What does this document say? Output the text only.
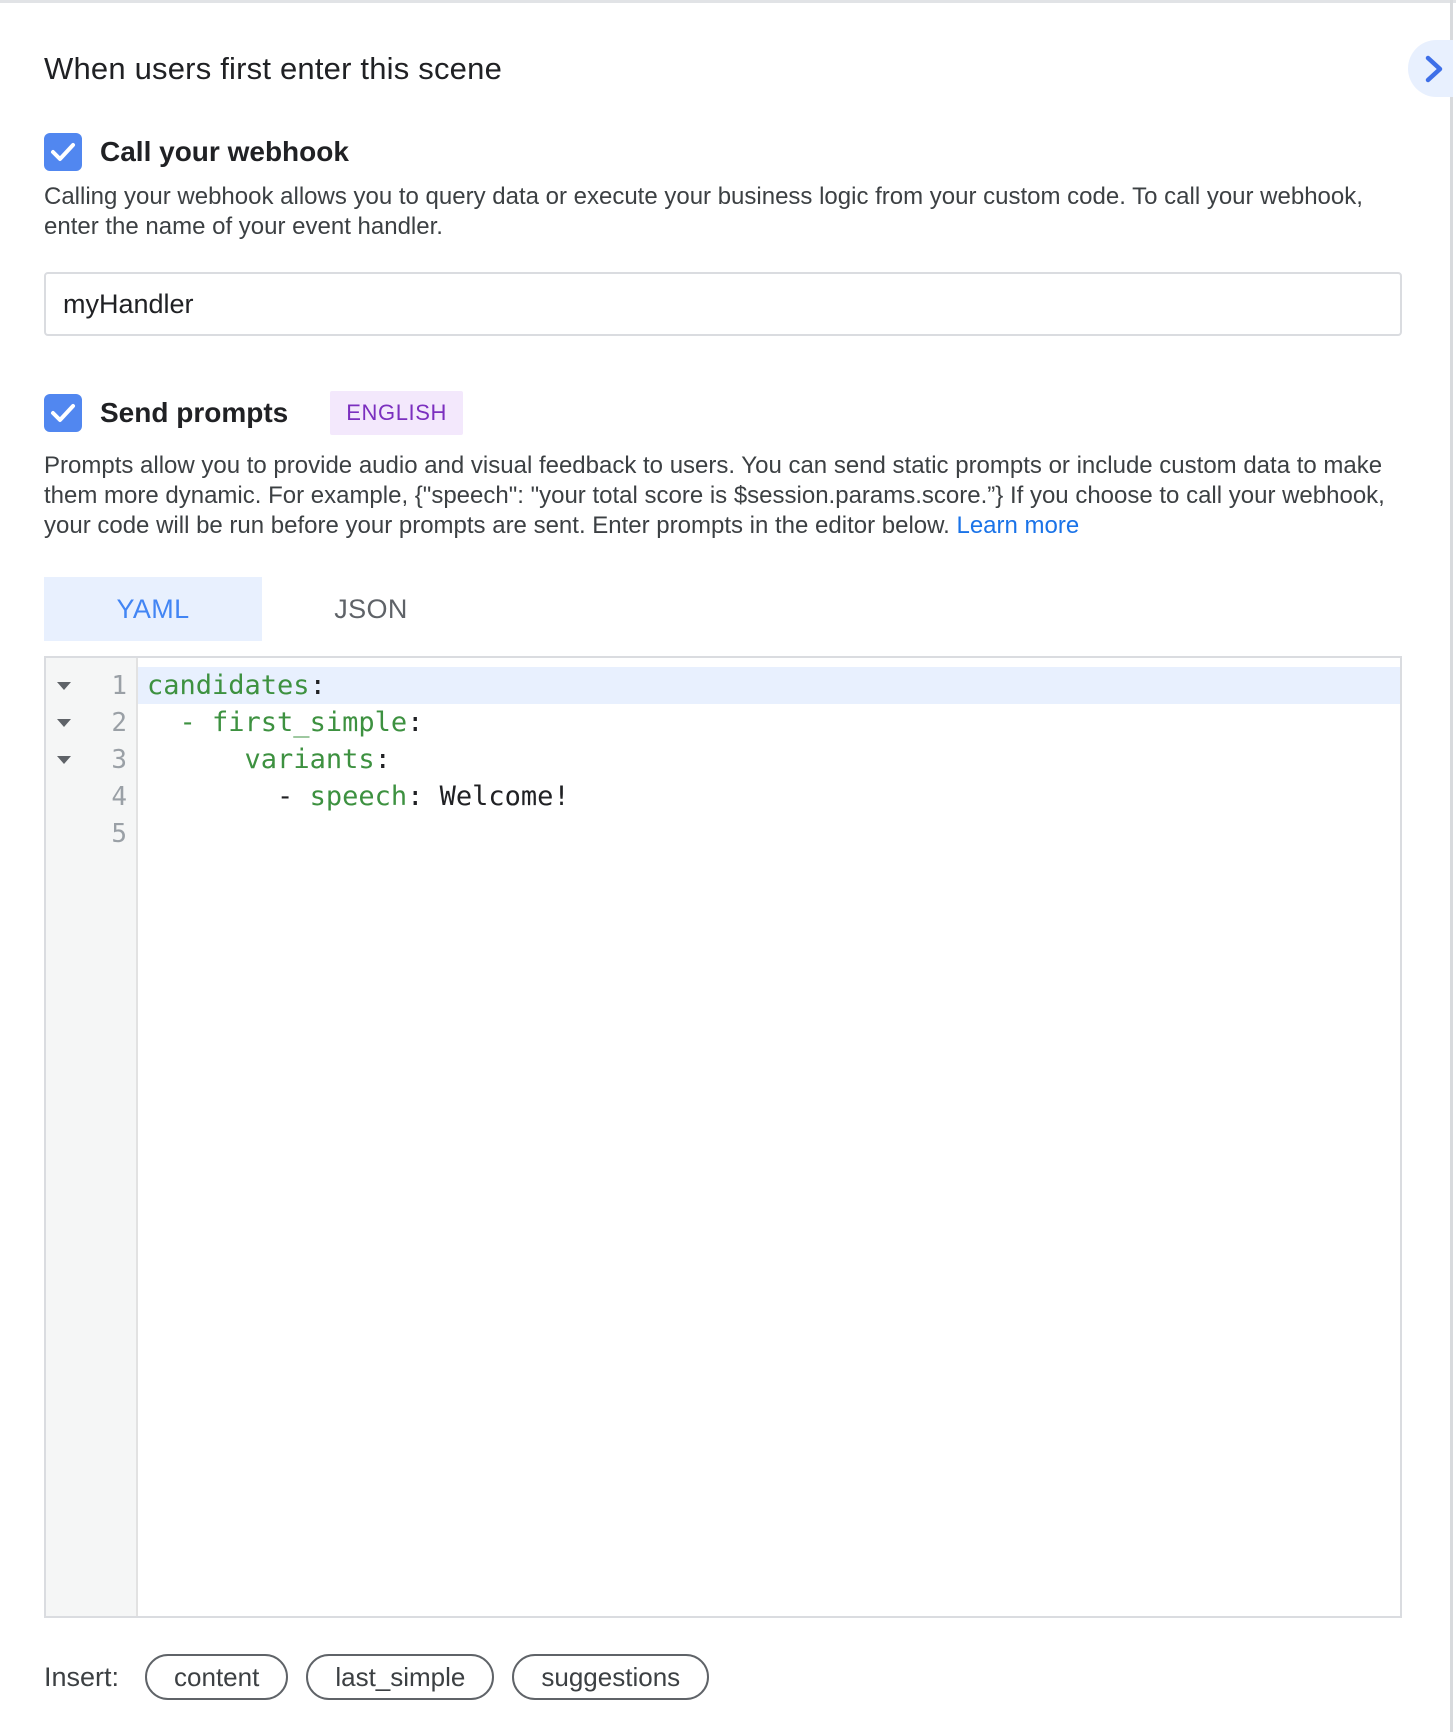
When users first enter this scene
Call your webhook
Calling your webhook allows you to query data or execute your business logic from your custom code. To call your webhook,
enter the name of your event handler.
myHandler
Send prompts	ENGLISH
Prompts allow you to provide audio and visual feedback to users. You can send static prompts or include custom data to make
them more dynamic. For example, {"speech": "your total score is $session.params.score.”} If you choose to call your webhook,
your code will be run before your prompts are sent. Enter prompts in the editor below. Learn more
YAML	JSON
1
2
3
4
5
candidates:
- first_simple:
variants:
- speech: Welcome!
Insert:	content	last_simple	suggestions
